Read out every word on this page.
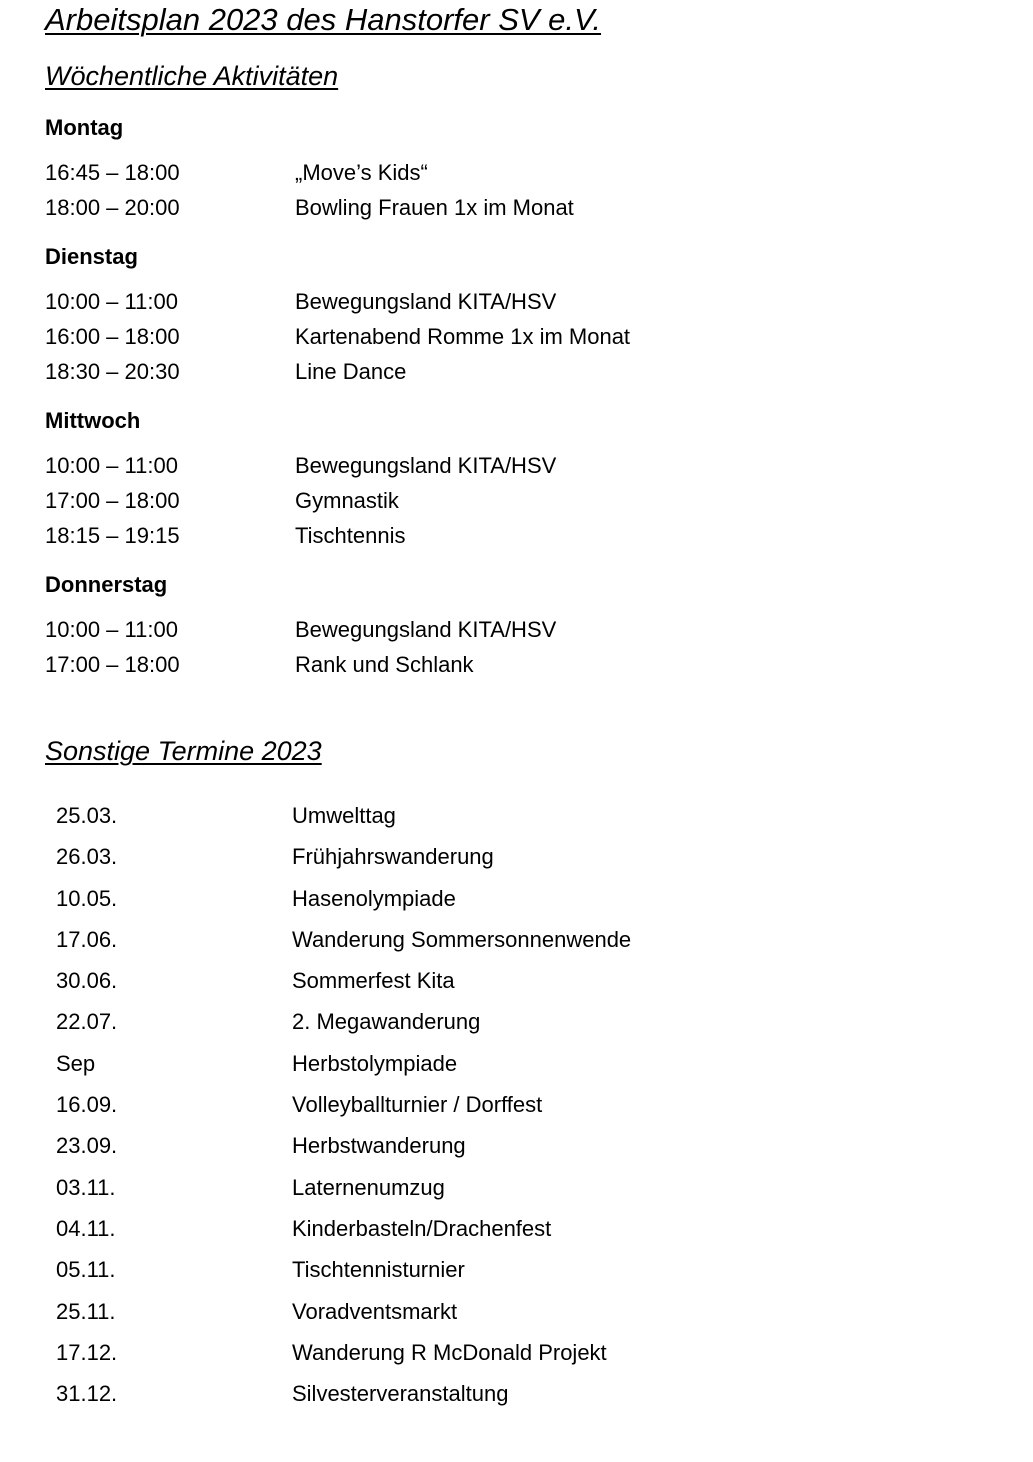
Arbeitsplan 2023 des Hanstorfer SV e.V.
Wöchentliche Aktivitäten
Montag
16:45 – 18:00	„Move’s Kids“
18:00 – 20:00	Bowling Frauen 1x im Monat
Dienstag
10:00 – 11:00	Bewegungsland KITA/HSV
16:00 – 18:00	Kartenabend Romme 1x im Monat
18:30 – 20:30	Line Dance
Mittwoch
10:00 – 11:00	Bewegungsland KITA/HSV
17:00 – 18:00	Gymnastik
18:15 – 19:15	Tischtennis
Donnerstag
10:00 – 11:00	Bewegungsland KITA/HSV
17:00 – 18:00	Rank und Schlank
Sonstige Termine 2023
25.03.	Umwelttag
26.03.	Frühjahrswanderung
10.05.	Hasenolympiade
17.06.	Wanderung Sommersonnenwende
30.06.	Sommerfest Kita
22.07.	2. Megawanderung
Sep	Herbstolympiade
16.09.	Volleyballturnier / Dorffest
23.09.	Herbstwanderung
03.11.	Laternenumzug
04.11.	Kinderbasteln/Drachenfest
05.11.	Tischtennisturnier
25.11.	Voradventsmarkt
17.12.	Wanderung R McDonald Projekt
31.12.	Silvesterveranstaltung
